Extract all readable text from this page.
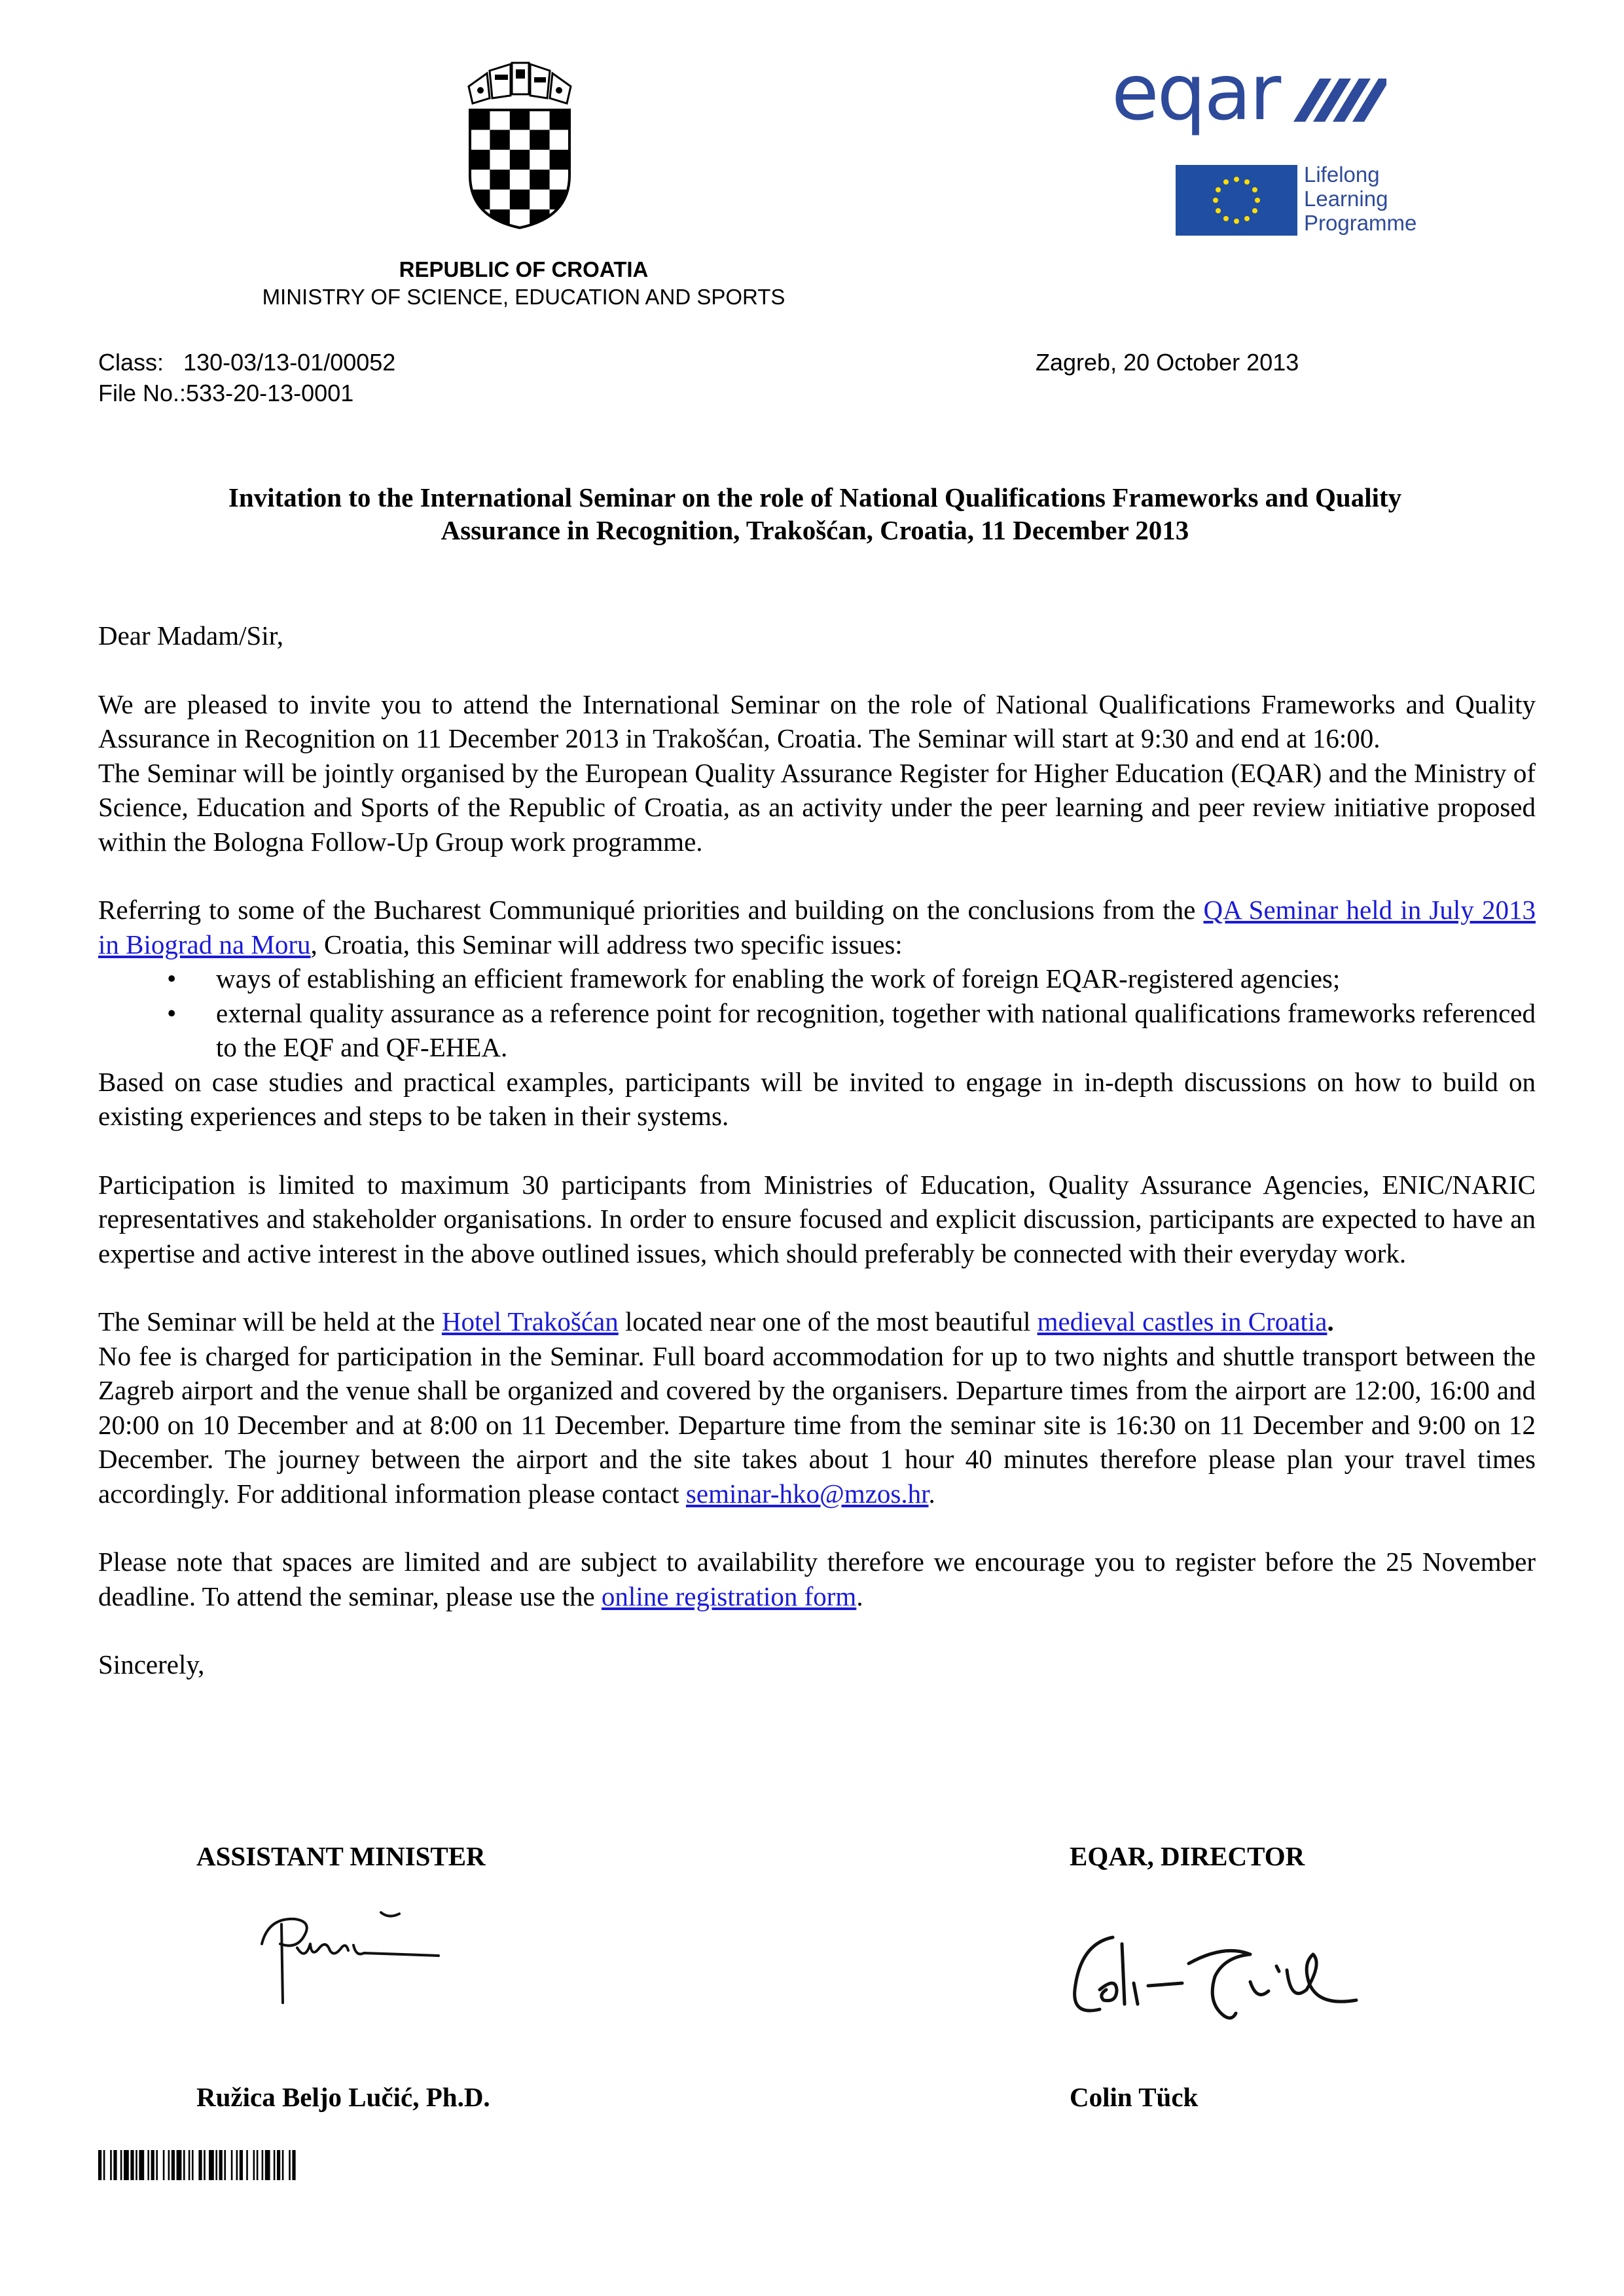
eqar
Lifelong
Learning
Programme
REPUBLIC OF CROATIA
MINISTRY OF SCIENCE, EDUCATION AND SPORTS
Class: 130-03/13-01/00052
File No.:533-20-13-0001
Zagreb, 20 October 2013
Invitation to the International Seminar on the role of National Qualifications Frameworks and Quality
Assurance in Recognition, Trakošćan, Croatia, 11 December 2013

Dear Madam/Sir,

We are pleased to invite you to attend the International Seminar on the role of National Qualifications Frameworks and Quality Assurance in Recognition on 11 December 2013 in Trakošćan, Croatia. The Seminar will start at 9:30 and end at 16:00.

The Seminar will be jointly organised by the European Quality Assurance Register for Higher Education (EQAR) and the Ministry of Science, Education and Sports of the Republic of Croatia, as an activity under the peer learning and peer review initiative proposed within the Bologna Follow-Up Group work programme.

Referring to some of the Bucharest Communiqué priorities and building on the conclusions from the QA Seminar held in July 2013 in Biograd na Moru, Croatia, this Seminar will address two specific issues:

• ways of establishing an efficient framework for enabling the work of foreign EQAR-registered agencies;
• external quality assurance as a reference point for recognition, together with national qualifications frameworks referenced to the EQF and QF-EHEA.

Based on case studies and practical examples, participants will be invited to engage in in-depth discussions on how to build on existing experiences and steps to be taken in their systems.

Participation is limited to maximum 30 participants from Ministries of Education, Quality Assurance Agencies, ENIC/NARIC representatives and stakeholder organisations. In order to ensure focused and explicit discussion, participants are expected to have an expertise and active interest in the above outlined issues, which should preferably be connected with their everyday work.

The Seminar will be held at the Hotel Trakošćan located near one of the most beautiful medieval castles in Croatia.

No fee is charged for participation in the Seminar. Full board accommodation for up to two nights and shuttle transport between the Zagreb airport and the venue shall be organized and covered by the organisers. Departure times from the airport are 12:00, 16:00 and 20:00 on 10 December and at 8:00 on 11 December. Departure time from the seminar site is 16:30 on 11 December and 9:00 on 12 December. The journey between the airport and the site takes about 1 hour 40 minutes therefore please plan your travel times accordingly. For additional information please contact seminar-hko@mzos.hr.

Please note that spaces are limited and are subject to availability therefore we encourage you to register before the 25 November deadline. To attend the seminar, please use the online registration form.

Sincerely,

ASSISTANT MINISTER	EQAR, DIRECTOR
Ružica Beljo Lučić, Ph.D.	Colin Tück
